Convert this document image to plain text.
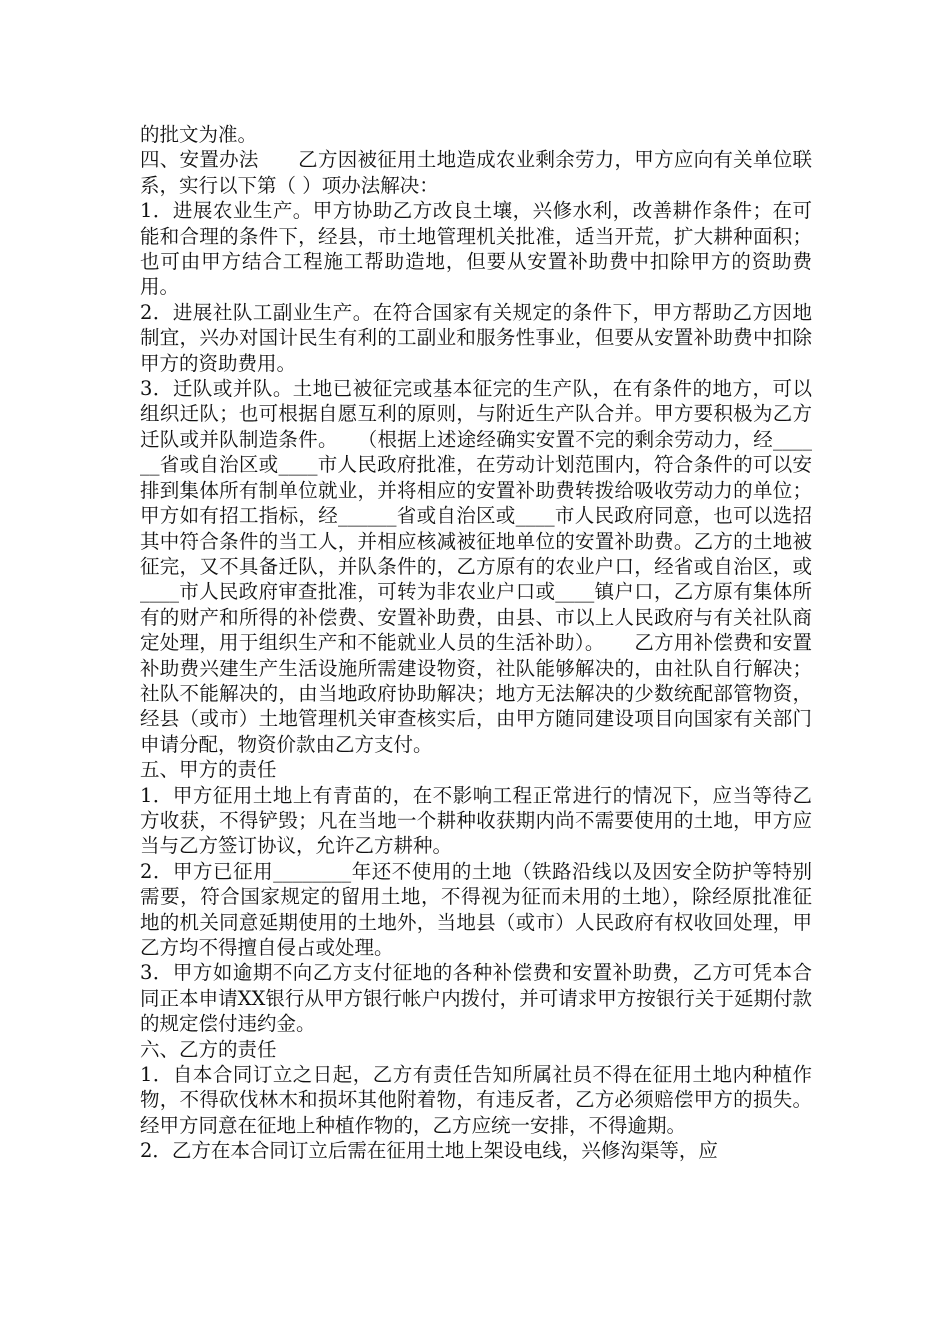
的批文为准。

四、安置办法　　乙方因被征用土地造成农业剩余劳力，甲方应向有关单位联系，实行以下第（ ）项办法解决：

1．进展农业生产。甲方协助乙方改良土壤，兴修水利，改善耕作条件；在可能和合理的条件下，经县，市土地管理机关批准，适当开荒，扩大耕种面积；也可由甲方结合工程施工帮助造地，但要从安置补助费中扣除甲方的资助费用。

2．进展社队工副业生产。在符合国家有关规定的条件下，甲方帮助乙方因地制宜，兴办对国计民生有利的工副业和服务性事业，但要从安置补助费中扣除甲方的资助费用。

3．迁队或并队。土地已被征完或基本征完的生产队，在有条件的地方，可以组织迁队；也可根据自愿互利的原则，与附近生产队合并。甲方要积极为乙方迁队或并队制造条件。　　（根据上述途经确实安置不完的剩余劳动力，经______省或自治区或____市人民政府批准，在劳动计划范围内，符合条件的可以安排到集体所有制单位就业，并将相应的安置补助费转拨给吸收劳动力的单位；甲方如有招工指标，经______省或自治区或____市人民政府同意，也可以选招其中符合条件的当工人，并相应核减被征地单位的安置补助费。乙方的土地被征完，又不具备迁队，并队条件的，乙方原有的农业户口，经省或自治区，或____市人民政府审查批准，可转为非农业户口或____镇户口，乙方原有集体所有的财产和所得的补偿费、安置补助费，由县、市以上人民政府与有关社队商定处理，用于组织生产和不能就业人员的生活补助）。　　乙方用补偿费和安置补助费兴建生产生活设施所需建设物资，社队能够解决的，由社队自行解决；社队不能解决的，由当地政府协助解决；地方无法解决的少数统配部管物资，经县（或市）土地管理机关审查核实后，由甲方随同建设项目向国家有关部门申请分配，物资价款由乙方支付。

五、甲方的责任

1．甲方征用土地上有青苗的，在不影响工程正常进行的情况下，应当等待乙方收获，不得铲毁；凡在当地一个耕种收获期内尚不需要使用的土地，甲方应当与乙方签订协议，允许乙方耕种。

2．甲方已征用________年还不使用的土地（铁路沿线以及因安全防护等特别需要，符合国家规定的留用土地，不得视为征而未用的土地），除经原批准征地的机关同意延期使用的土地外，当地县（或市）人民政府有权收回处理，甲乙方均不得擅自侵占或处理。

3．甲方如逾期不向乙方支付征地的各种补偿费和安置补助费，乙方可凭本合同正本申请XX银行从甲方银行帐户内拨付，并可请求甲方按银行关于延期付款的规定偿付违约金。

六、乙方的责任

1．自本合同订立之日起，乙方有责任告知所属社员不得在征用土地内种植作物，不得砍伐林木和损坏其他附着物，有违反者，乙方必须赔偿甲方的损失。经甲方同意在征地上种植作物的，乙方应统一安排，不得逾期。

2．乙方在本合同订立后需在征用土地上架设电线，兴修沟渠等，应
